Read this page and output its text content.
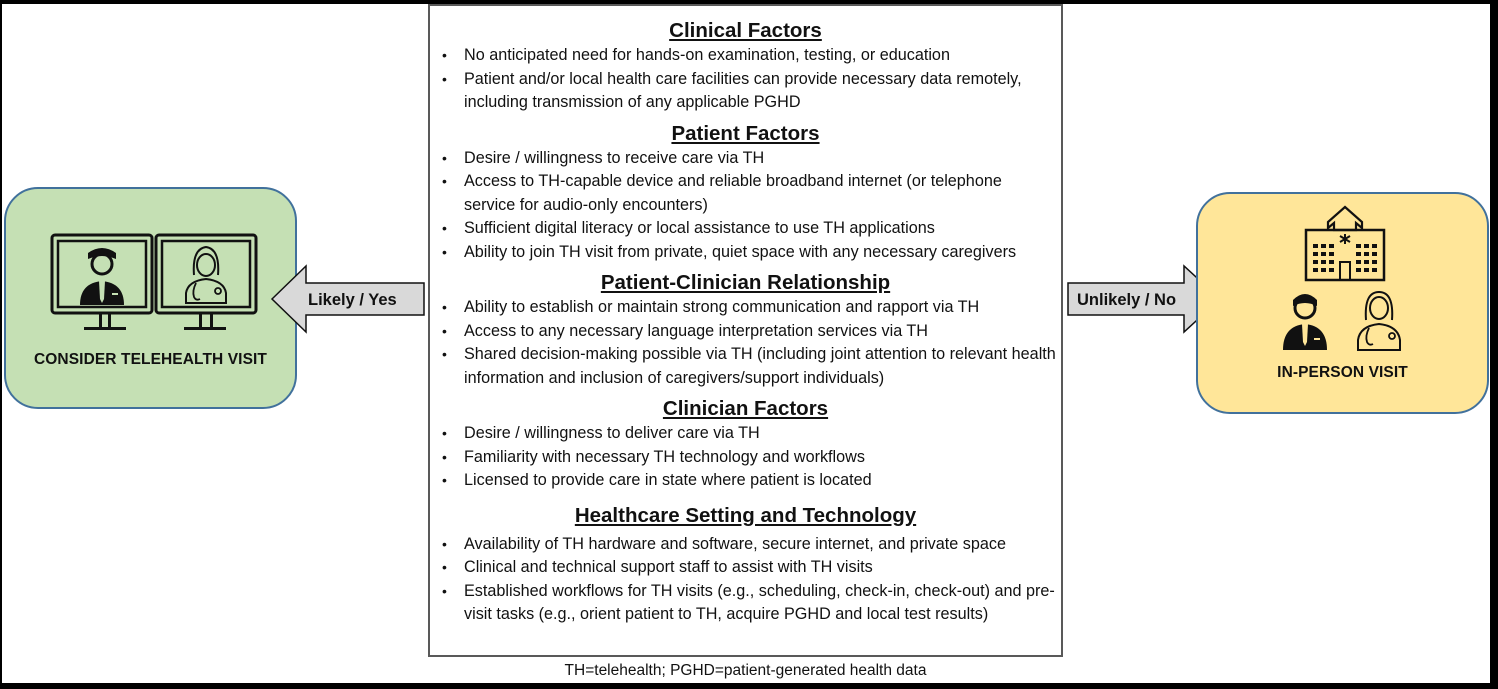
CONSIDER TELEHEALTH VISIT
Likely / Yes
Clinical Factors
• No anticipated need for hands-on examination, testing, or education
• Patient and/or local health care facilities can provide necessary data remotely, including transmission of any applicable PGHD
Patient Factors
• Desire / willingness to receive care via TH
• Access to TH-capable device and reliable broadband internet (or telephone service for audio-only encounters)
• Sufficient digital literacy or local assistance to use TH applications
• Ability to join TH visit from private, quiet space with any necessary caregivers
Patient-Clinician Relationship
• Ability to establish or maintain strong communication and rapport via TH
• Access to any necessary language interpretation services via TH
• Shared decision-making possible via TH (including joint attention to relevant health information and inclusion of caregivers/support individuals)
Clinician Factors
• Desire / willingness to deliver care via TH
• Familiarity with necessary TH technology and workflows
• Licensed to provide care in state where patient is located
Healthcare Setting and Technology
• Availability of TH hardware and software, secure internet, and private space
• Clinical and technical support staff to assist with TH visits
• Established workflows for TH visits (e.g., scheduling, check-in, check-out) and pre-visit tasks (e.g., orient patient to TH, acquire PGHD and local test results)
TH=telehealth; PGHD=patient-generated health data
Unlikely / No
IN-PERSON VISIT
